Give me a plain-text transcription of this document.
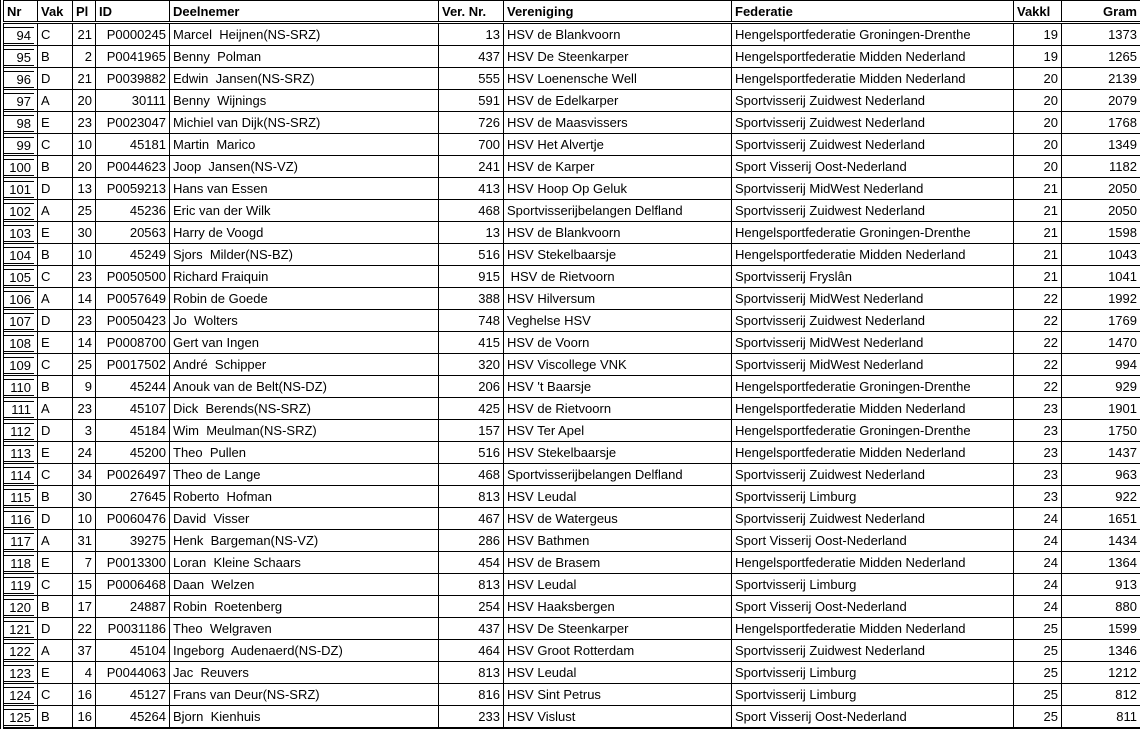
Nr	Vak	Pl	ID	Deelnemer	Ver. Nr.	Vereniging	Federatie	Vakkl	Gram

94	C	21	P0000245	Marcel  Heijnen(NS-SRZ)	13	HSV de Blankvoorn	Hengelsportfederatie Groningen-Drenthe	19	1373

95	B	2	P0041965	Benny  Polman	437	HSV De Steenkarper	Hengelsportfederatie Midden Nederland	19	1265

96	D	21	P0039882	Edwin  Jansen(NS-SRZ)	555	HSV Loenensche Well	Hengelsportfederatie Midden Nederland	20	2139

97	A	20	30111	Benny  Wijnings	591	HSV de Edelkarper	Sportvisserij Zuidwest Nederland	20	2079

98	E	23	P0023047	Michiel van Dijk(NS-SRZ)	726	HSV de Maasvissers	Sportvisserij Zuidwest Nederland	20	1768

99	C	10	45181	Martin  Marico	700	HSV Het Alvertje	Sportvisserij Zuidwest Nederland	20	1349

100	B	20	P0044623	Joop  Jansen(NS-VZ)	241	HSV de Karper	Sport Visserij Oost-Nederland	20	1182

101	D	13	P0059213	Hans van Essen	413	HSV Hoop Op Geluk	Sportvisserij MidWest Nederland	21	2050

102	A	25	45236	Eric van der Wilk	468	Sportvisserijbelangen Delfland	Sportvisserij Zuidwest Nederland	21	2050

103	E	30	20563	Harry de Voogd	13	HSV de Blankvoorn	Hengelsportfederatie Groningen-Drenthe	21	1598

104	B	10	45249	Sjors  Milder(NS-BZ)	516	HSV Stekelbaarsje	Hengelsportfederatie Midden Nederland	21	1043

105	C	23	P0050500	Richard Fraiquin	915	HSV de Rietvoorn	Sportvisserij Fryslân	21	1041

106	A	14	P0057649	Robin de Goede	388	HSV Hilversum	Sportvisserij MidWest Nederland	22	1992

107	D	23	P0050423	Jo  Wolters	748	Veghelse HSV	Sportvisserij Zuidwest Nederland	22	1769

108	E	14	P0008700	Gert van Ingen	415	HSV de Voorn	Sportvisserij MidWest Nederland	22	1470

109	C	25	P0017502	André  Schipper	320	HSV Viscollege VNK	Sportvisserij MidWest Nederland	22	994

110	B	9	45244	Anouk van de Belt(NS-DZ)	206	HSV 't Baarsje	Hengelsportfederatie Groningen-Drenthe	22	929

111	A	23	45107	Dick  Berends(NS-SRZ)	425	HSV de Rietvoorn	Hengelsportfederatie Midden Nederland	23	1901

112	D	3	45184	Wim  Meulman(NS-SRZ)	157	HSV Ter Apel	Hengelsportfederatie Groningen-Drenthe	23	1750

113	E	24	45200	Theo  Pullen	516	HSV Stekelbaarsje	Hengelsportfederatie Midden Nederland	23	1437

114	C	34	P0026497	Theo de Lange	468	Sportvisserijbelangen Delfland	Sportvisserij Zuidwest Nederland	23	963

115	B	30	27645	Roberto  Hofman	813	HSV Leudal	Sportvisserij Limburg	23	922

116	D	10	P0060476	David  Visser	467	HSV de Watergeus	Sportvisserij Zuidwest Nederland	24	1651

117	A	31	39275	Henk  Bargeman(NS-VZ)	286	HSV Bathmen	Sport Visserij Oost-Nederland	24	1434

118	E	7	P0013300	Loran  Kleine Schaars	454	HSV de Brasem	Hengelsportfederatie Midden Nederland	24	1364

119	C	15	P0006468	Daan  Welzen	813	HSV Leudal	Sportvisserij Limburg	24	913

120	B	17	24887	Robin  Roetenberg	254	HSV Haaksbergen	Sport Visserij Oost-Nederland	24	880

121	D	22	P0031186	Theo  Welgraven	437	HSV De Steenkarper	Hengelsportfederatie Midden Nederland	25	1599

122	A	37	45104	Ingeborg  Audenaerd(NS-DZ)	464	HSV Groot Rotterdam	Sportvisserij Zuidwest Nederland	25	1346

123	E	4	P0044063	Jac  Reuvers	813	HSV Leudal	Sportvisserij Limburg	25	1212

124	C	16	45127	Frans van Deur(NS-SRZ)	816	HSV Sint Petrus	Sportvisserij Limburg	25	812

125	B	16	45264	Bjorn  Kienhuis	233	HSV Vislust	Sport Visserij Oost-Nederland	25	811
